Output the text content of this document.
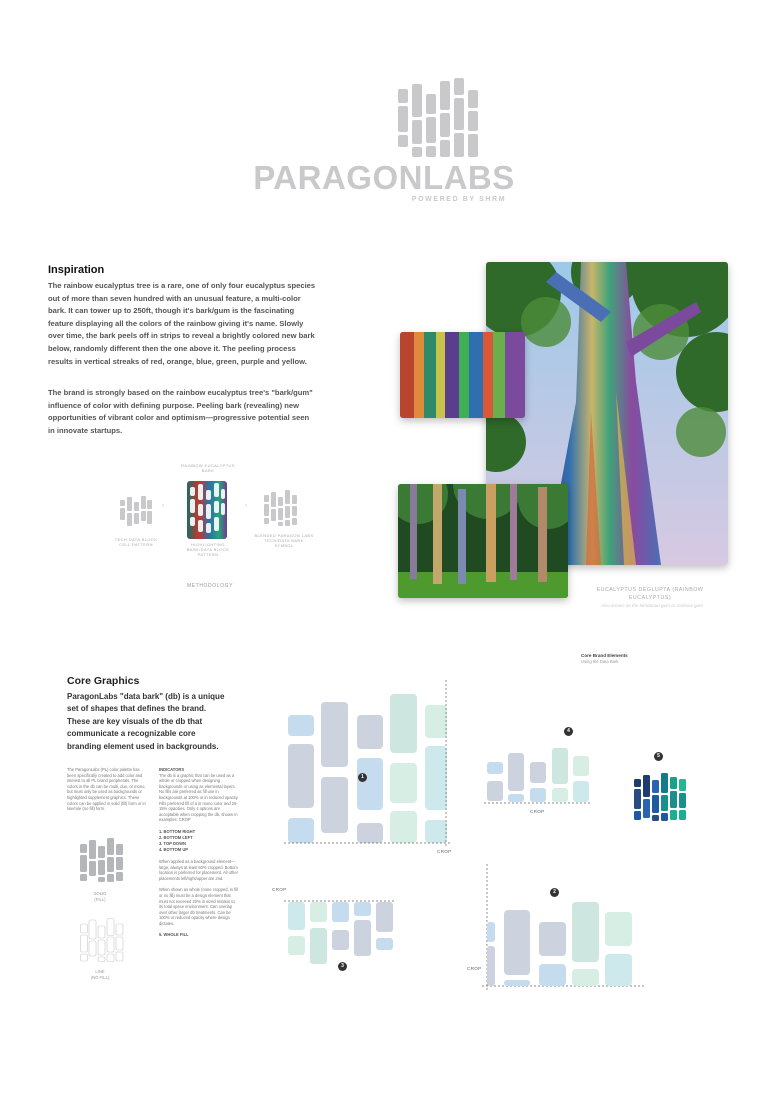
PARAGONLABS
POWERED BY SHRM
Inspiration
The rainbow eucalyptus tree is a rare, one of only four eucalyptus species out of more than seven hundred with an unusual feature, a multi-color bark. It can tower up to 250ft, though it's bark/gum is the fascinating feature displaying all the colors of the rainbow giving it's name. Slowly over time, the bark peels off in strips to reveal a brightly colored new bark below, randomly different then the one above it. The peeling process results in vertical streaks of red, orange, blue, green, purple and yellow.
The brand is strongly based on the rainbow eucalyptus tree's "bark/gum" influence of color with defining purpose. Peeling bark (revealing) new opportunities of vibrant color and optimism—progressive potential seen in innovate startups.
RAINBOW EUCALYPTUS BARK
›
HIGHLIGHTING BARK/DATA BLOCK PATTERN
›
TECH DATA BLOCK CELL PATTERN
BLENDED PARAGON LABS TECH/DATA BARK SYMBOL
METHODOLOGY
EUCALYPTUS DEGLUPTA (RAINBOW EUCALYPTUS)
Also known as the Mindanao gum or rainbow gum
Core Brand Elements
Using the Data Bark
Core Graphics
ParagonLabs "data bark" (db) is a unique set of shapes that defines the brand. These are key visuals of the db that communicate a recognizable core branding element used in backgrounds.
The ParagonLabs (PL) color palette has been specifically created to add color and interest to all PL brand peripherals. The colors in the db can be multi, duo, or mono, but must only be used as backgrounds or highlighted supplement graphics. These colors can be applied in solid (fill) form or in line/rule (no fill) form.
INDICATORS
The db is a graphic that can be used as a whole or cropped when designing backgrounds or using as elemental layers. No fills are preferred as fill use in backgrounds at 100% or in reduced opacity. Fills preferred fill of a in mono color and 25-15% opacities. Only 4 options are acceptable when cropping the db, shown in examples: CROP
1. BOTTOM RIGHT
2. BOTTOM LEFT
3. TOP DOWN
4. BOTTOM UP
When applied as a background element—large, always at least 50% cropped. Bottom location is preferred for placement. All other placements left/right/upper are 2nd.
When shown as whole (none cropped, in fill or no fill) must be a design element that must not exceeed 20% in sized relation to its total space environment. Can overlap over other larger db treatments. Can be 100% or reduced opacity where design dictates.
5. WHOLE FILL
SOLID
(FILL)
LINE
(NO FILL)
1
CROP
4
CROP
5
CROP
3
2
CROP
